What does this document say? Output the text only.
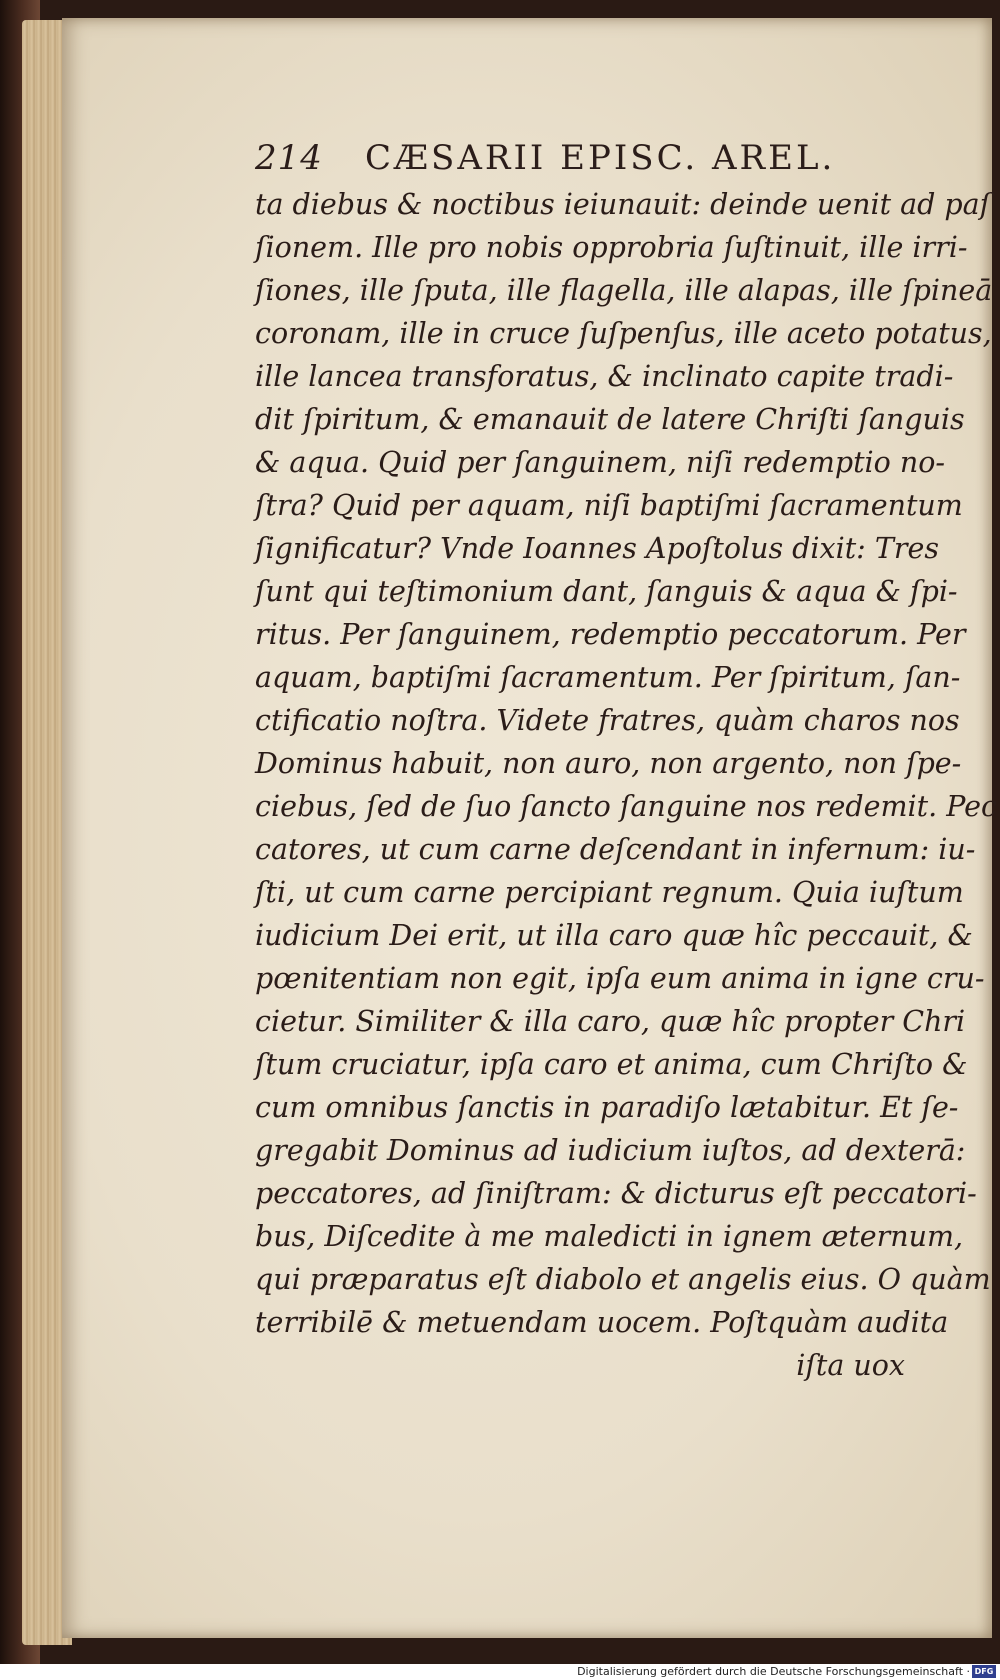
214	CÆSARII EPISC. AREL.
ta diebus & noctibus ieiunauit: deinde uenit ad paſ
ſionem. Ille pro nobis opprobria ſuſtinuit, ille irri-
ſiones, ille ſputa, ille flagella, ille alapas, ille ſpineā
coronam, ille in cruce ſuſpenſus, ille aceto potatus,
ille lancea transforatus, & inclinato capite tradi-
dit ſpiritum, & emanauit de latere Chriſti ſanguis
& aqua. Quid per ſanguinem, niſi redemptio no-
ſtra? Quid per aquam, niſi baptiſmi ſacramentum
ſignificatur? Vnde Ioannes Apoſtolus dixit: Tres
ſunt qui teſtimonium dant, ſanguis & aqua & ſpi-
ritus. Per ſanguinem, redemptio peccatorum. Per
aquam, baptiſmi ſacramentum. Per ſpiritum, ſan-
ctificatio noſtra. Videte fratres, quàm charos nos
Dominus habuit, non auro, non argento, non ſpe-
ciebus, ſed de ſuo ſancto ſanguine nos redemit. Pec
catores, ut cum carne deſcendant in infernum: iu-
ſti, ut cum carne percipiant regnum. Quia iuſtum
iudicium Dei erit, ut illa caro quæ hîc peccauit, &
pœnitentiam non egit, ipſa eum anima in igne cru-
cietur. Similiter & illa caro, quæ hîc propter Chri
ſtum cruciatur, ipſa caro et anima, cum Chriſto &
cum omnibus ſanctis in paradiſo lætabitur. Et ſe-
gregabit Dominus ad iudicium iuſtos, ad dexterā:
peccatores, ad ſiniſtram: & dicturus eſt peccatori-
bus, Diſcedite à me maledicti in ignem æternum,
qui præparatus eſt diabolo et angelis eius. O quàm
terribilē & metuendam uocem. Poſtquàm audita
iſta uox
Digitalisierung gefördert durch die Deutsche Forschungsgemeinschaft · DFG
